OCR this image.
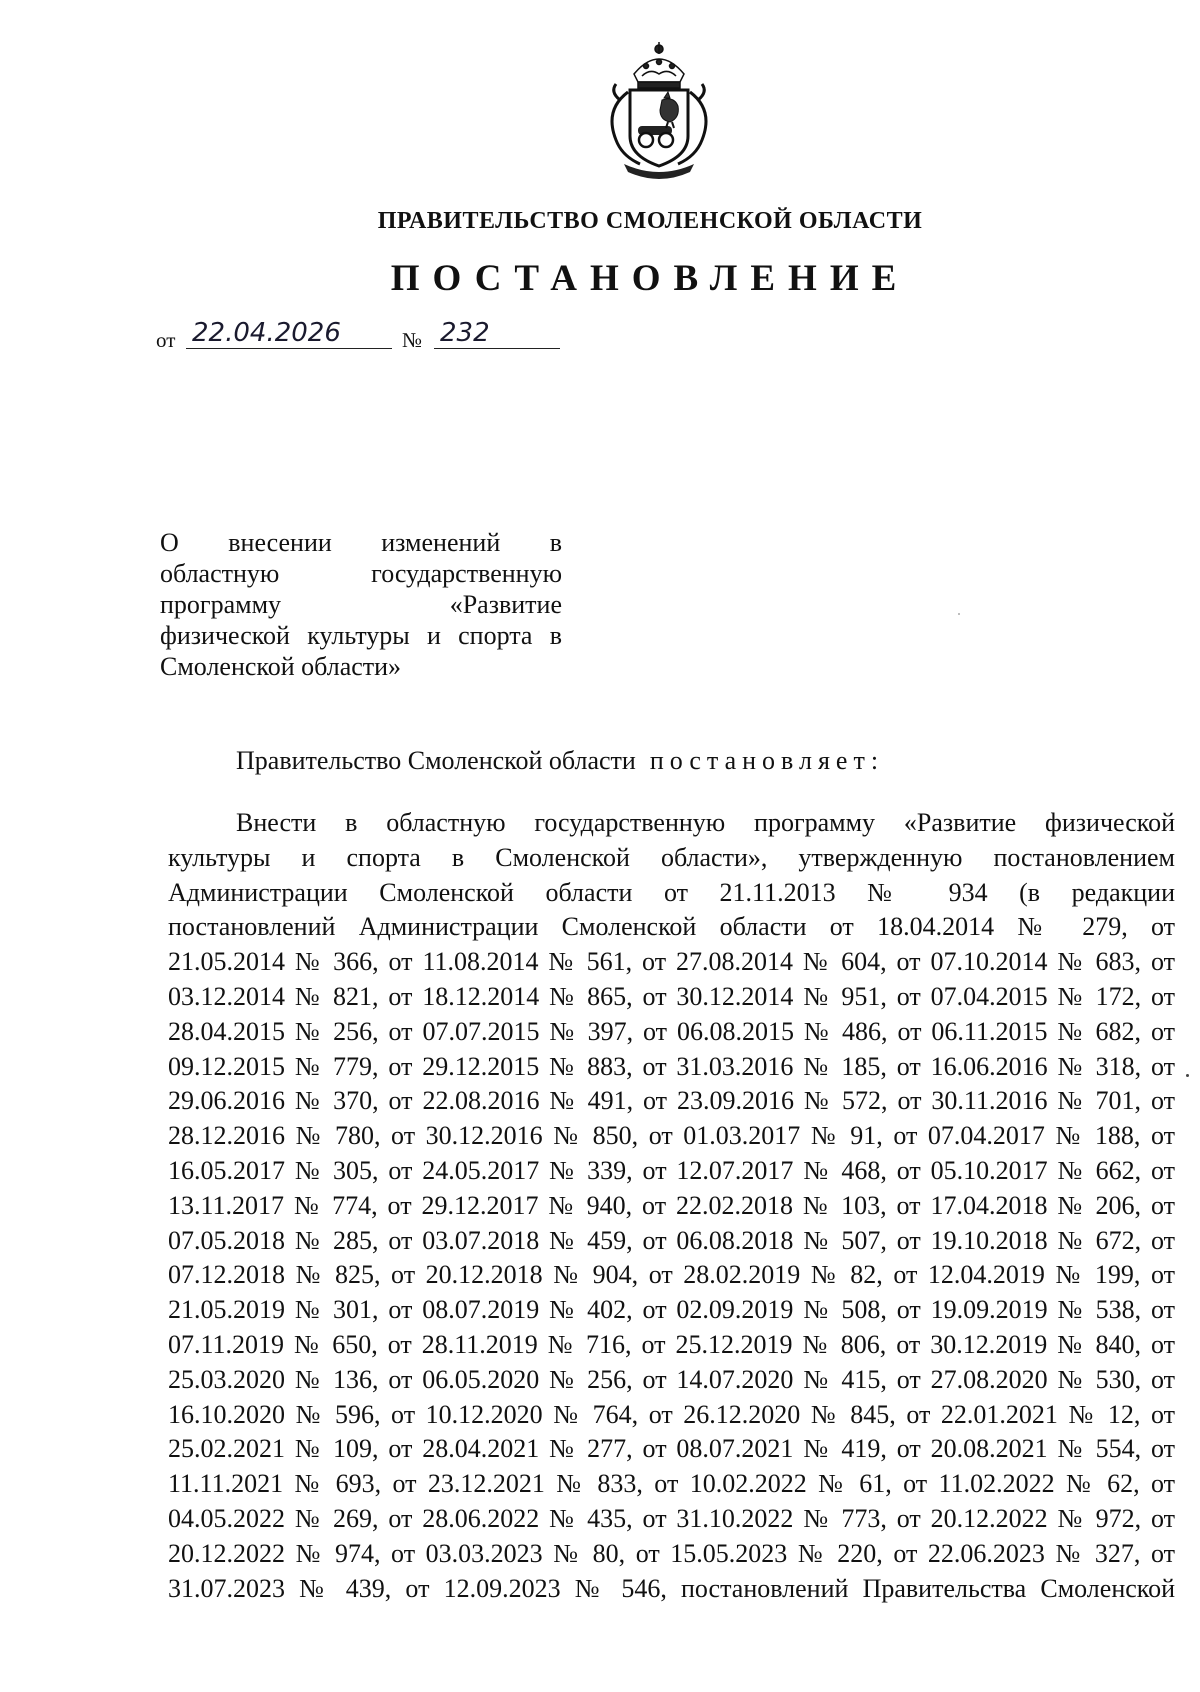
ПРАВИТЕЛЬСТВО СМОЛЕНСКОЙ ОБЛАСТИ
ПОСТАНОВЛЕНИЕ
от 22.04.2026	№ 232
О внесении изменений в
областную государственную
программу «Развитие
физической культуры и спорта в
Смоленской области»
Правительство Смоленской области постановляет:
Внести в областную государственную программу «Развитие физической
культуры и спорта в Смоленской области», утвержденную постановлением
Администрации Смоленской области от 21.11.2013 № 934 (в редакции
постановлений Администрации Смоленской области от 18.04.2014 № 279, от
21.05.2014 № 366, от 11.08.2014 № 561, от 27.08.2014 № 604, от 07.10.2014 № 683, от
03.12.2014 № 821, от 18.12.2014 № 865, от 30.12.2014 № 951, от 07.04.2015 № 172, от
28.04.2015 № 256, от 07.07.2015 № 397, от 06.08.2015 № 486, от 06.11.2015 № 682, от
09.12.2015 № 779, от 29.12.2015 № 883, от 31.03.2016 № 185, от 16.06.2016 № 318, от
29.06.2016 № 370, от 22.08.2016 № 491, от 23.09.2016 № 572, от 30.11.2016 № 701, от
28.12.2016 № 780, от 30.12.2016 № 850, от 01.03.2017 № 91, от 07.04.2017 № 188, от
16.05.2017 № 305, от 24.05.2017 № 339, от 12.07.2017 № 468, от 05.10.2017 № 662, от
13.11.2017 № 774, от 29.12.2017 № 940, от 22.02.2018 № 103, от 17.04.2018 № 206, от
07.05.2018 № 285, от 03.07.2018 № 459, от 06.08.2018 № 507, от 19.10.2018 № 672, от
07.12.2018 № 825, от 20.12.2018 № 904, от 28.02.2019 № 82, от 12.04.2019 № 199, от
21.05.2019 № 301, от 08.07.2019 № 402, от 02.09.2019 № 508, от 19.09.2019 № 538, от
07.11.2019 № 650, от 28.11.2019 № 716, от 25.12.2019 № 806, от 30.12.2019 № 840, от
25.03.2020 № 136, от 06.05.2020 № 256, от 14.07.2020 № 415, от 27.08.2020 № 530, от
16.10.2020 № 596, от 10.12.2020 № 764, от 26.12.2020 № 845, от 22.01.2021 № 12, от
25.02.2021 № 109, от 28.04.2021 № 277, от 08.07.2021 № 419, от 20.08.2021 № 554, от
11.11.2021 № 693, от 23.12.2021 № 833, от 10.02.2022 № 61, от 11.02.2022 № 62, от
04.05.2022 № 269, от 28.06.2022 № 435, от 31.10.2022 № 773, от 20.12.2022 № 972, от
20.12.2022 № 974, от 03.03.2023 № 80, от 15.05.2023 № 220, от 22.06.2023 № 327, от
31.07.2023 № 439, от 12.09.2023 № 546, постановлений Правительства Смоленской
